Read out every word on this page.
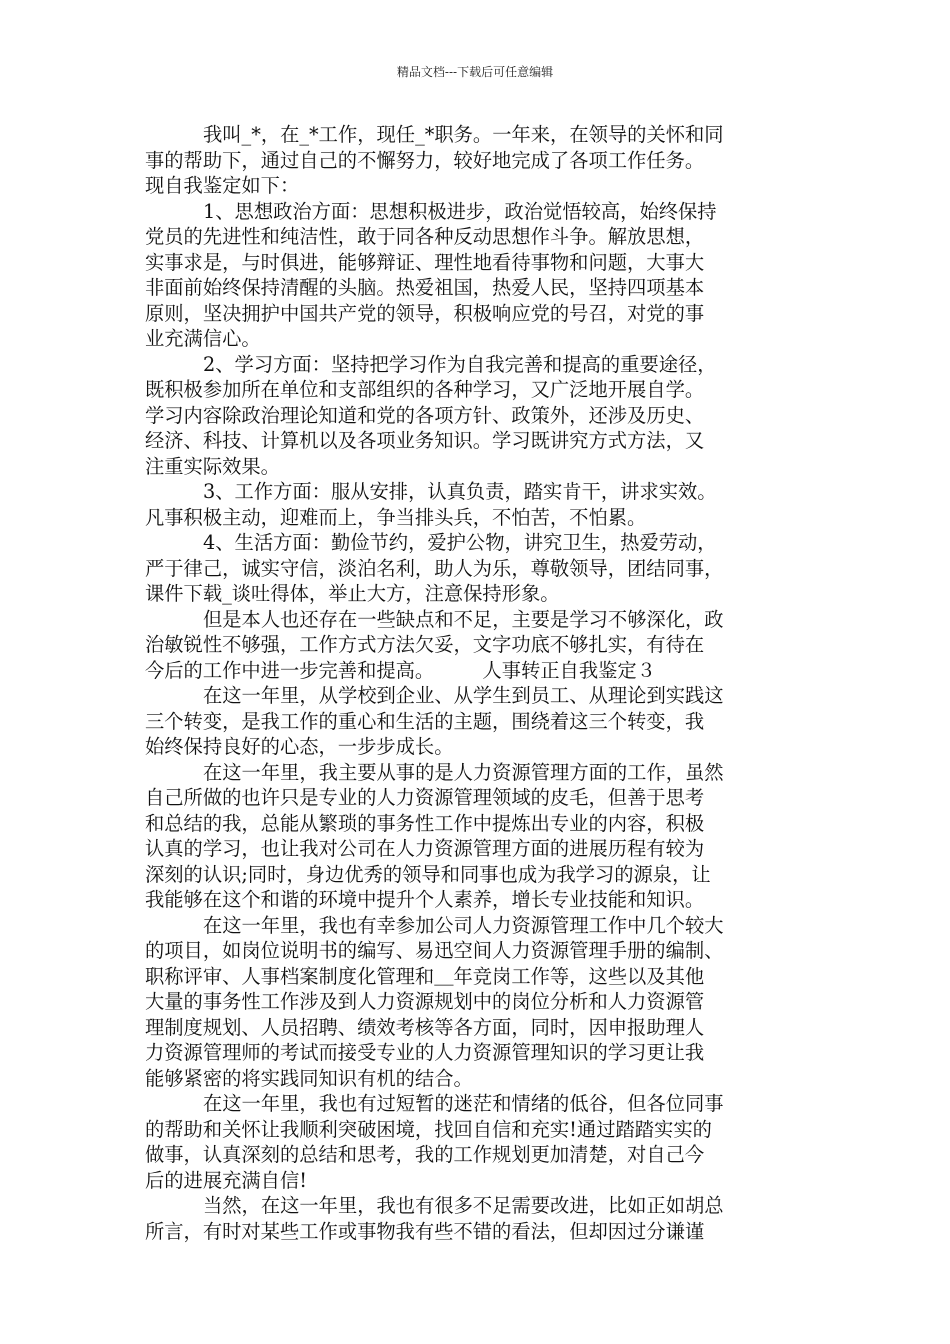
精品文档---下载后可任意编辑
我叫_*，在_*工作，现任_*职务。一年来，在领导的关怀和同
事的帮助下，通过自己的不懈努力，较好地完成了各项工作任务。
现自我鉴定如下：
1、思想政治方面：思想积极进步，政治觉悟较高，始终保持
党员的先进性和纯洁性，敢于同各种反动思想作斗争。解放思想，
实事求是，与时俱进，能够辩证、理性地看待事物和问题，大事大
非面前始终保持清醒的头脑。热爱祖国，热爱人民，坚持四项基本
原则，坚决拥护中国共产党的领导，积极响应党的号召，对党的事
业充满信心。
2、学习方面：坚持把学习作为自我完善和提高的重要途径，
既积极参加所在单位和支部组织的各种学习，又广泛地开展自学。
学习内容除政治理论知道和党的各项方针、政策外，还涉及历史、
经济、科技、计算机以及各项业务知识。学习既讲究方式方法，又
注重实际效果。
3、工作方面：服从安排，认真负责，踏实肯干，讲求实效。
凡事积极主动，迎难而上，争当排头兵，不怕苦，不怕累。
4、生活方面：勤俭节约，爱护公物，讲究卫生，热爱劳动，
严于律己，诚实守信，淡泊名利，助人为乐，尊敬领导，团结同事，
课件下载_谈吐得体，举止大方，注意保持形象。
但是本人也还存在一些缺点和不足，主要是学习不够深化，政
治敏锐性不够强，工作方式方法欠妥，文字功底不够扎实，有待在
今后的工作中进一步完善和提高。　　　人事转正自我鉴定３
在这一年里，从学校到企业、从学生到员工、从理论到实践这
三个转变，是我工作的重心和生活的主题，围绕着这三个转变，我
始终保持良好的心态，一步步成长。
在这一年里，我主要从事的是人力资源管理方面的工作，虽然
自己所做的也许只是专业的人力资源管理领域的皮毛，但善于思考
和总结的我，总能从繁琐的事务性工作中提炼出专业的内容，积极
认真的学习，也让我对公司在人力资源管理方面的进展历程有较为
深刻的认识;同时，身边优秀的领导和同事也成为我学习的源泉，让
我能够在这个和谐的环境中提升个人素养，增长专业技能和知识。
在这一年里，我也有幸参加公司人力资源管理工作中几个较大
的项目，如岗位说明书的编写、易迅空间人力资源管理手册的编制、
职称评审、人事档案制度化管理和＿年竞岗工作等，这些以及其他
大量的事务性工作涉及到人力资源规划中的岗位分析和人力资源管
理制度规划、人员招聘、绩效考核等各方面，同时，因申报助理人
力资源管理师的考试而接受专业的人力资源管理知识的学习更让我
能够紧密的将实践同知识有机的结合。
在这一年里，我也有过短暂的迷茫和情绪的低谷，但各位同事
的帮助和关怀让我顺利突破困境，找回自信和充实!通过踏踏实实的
做事，认真深刻的总结和思考，我的工作规划更加清楚，对自己今
后的进展充满自信!
当然，在这一年里，我也有很多不足需要改进，比如正如胡总
所言，有时对某些工作或事物我有些不错的看法，但却因过分谦谨
